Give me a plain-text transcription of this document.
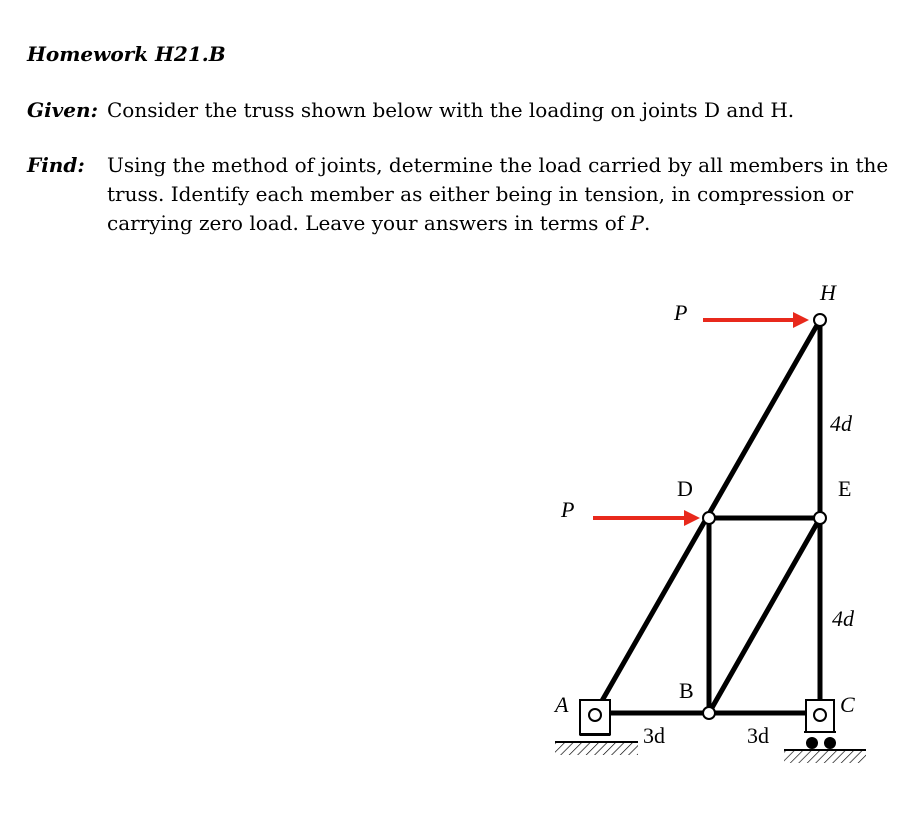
Homework H21.B
Given: Consider the truss shown below with the loading on joints D and H.
Find: Using the method of joints, determine the load carried by all members in the
truss. Identify each member as either being in tension, in compression or
carrying zero load. Leave your answers in terms of P.
H
P
4d
D	E
P
4d
B
A	C
3d	3d
